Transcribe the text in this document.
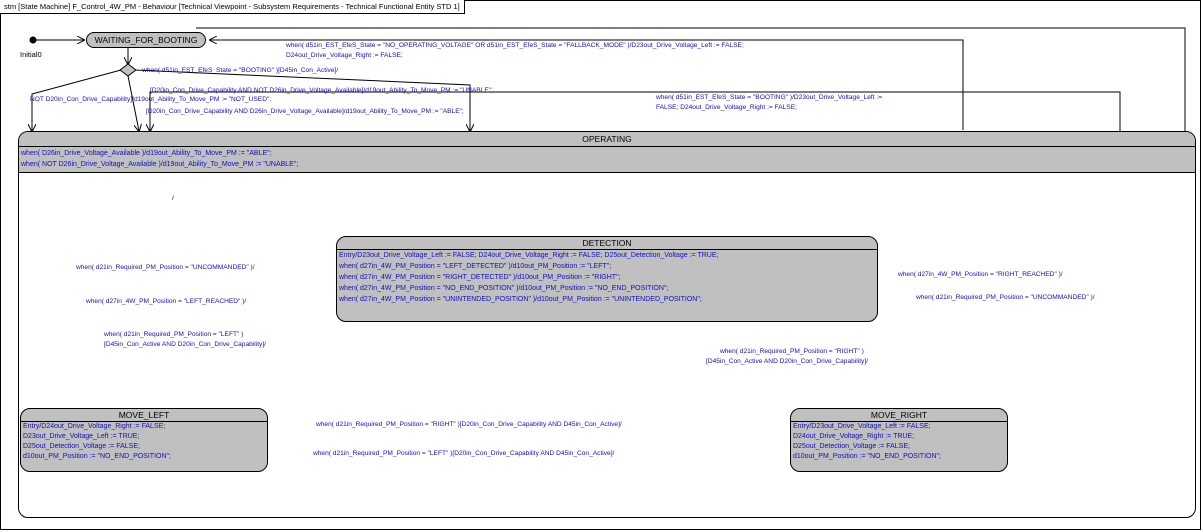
stm [State Machine] F_Control_4W_PM - Behaviour [Technical Viewpoint - Subsystem Requirements - Technical Functional Entity STD 1]
Initial0
WAITING_FOR_BOOTING
OPERATING
when( D26in_Drive_Voltage_Available )/d19out_Ability_To_Move_PM := "ABLE";
when( NOT D26in_Drive_Voltage_Available )/d19out_Ability_To_Move_PM := "UNABLE";
DETECTION
Entry/D23out_Drive_Voltage_Left := FALSE; D24out_Drive_Voltage_Right := FALSE; D25out_Detection_Voltage := TRUE;
when( d27in_4W_PM_Position = "LEFT_DETECTED" )/d10out_PM_Position := "LEFT";
when( d27in_4W_PM_Position = "RIGHT_DETECTED" )/d10out_PM_Position := "RIGHT";
when( d27in_4W_PM_Position = "NO_END_POSITION" )/d10out_PM_Position := "NO_END_POSITION";
when( d27in_4W_PM_Position = "UNINTENDED_POSITION" )/d10out_PM_Position := "UNINTENDED_POSITION";
MOVE_LEFT
Entry/D24out_Drive_Voltage_Right := FALSE;
D23out_Drive_Voltage_Left := TRUE;
D25out_Detection_Voltage := FALSE;
d10out_PM_Position := "NO_END_POSITION";
MOVE_RIGHT
Entry/D23out_Drive_Voltage_Left := FALSE;
D24out_Drive_Voltage_Right := TRUE;
D25out_Detection_Voltage := FALSE;
d10out_PM_Position := "NO_END_POSITION";
when( d51in_EST_EfeS_State = "NO_OPERATING_VOLTAGE" OR d51in_EST_EfeS_State = "FALLBACK_MODE" )/D23out_Drive_Voltage_Left := FALSE;
D24out_Drive_Voltage_Right := FALSE;
when( d51in_EST_EfeS_State = "BOOTING" )[D45in_Con_Active]/
[D20in_Con_Drive_Capability AND NOT D26in_Drive_Voltage_Available]/d19out_Ability_To_Move_PM := "UNABLE";
NOT D20in_Con_Drive_Capability]/d19out_Ability_To_Move_PM := "NOT_USED";
[D20in_Con_Drive_Capability AND D26in_Drive_Voltage_Available]/d19out_Ability_To_Move_PM := "ABLE";
when( d51in_EST_EfeS_State = "BOOTING" )/D23out_Drive_Voltage_Left :=
FALSE; D24out_Drive_Voltage_Right := FALSE;
/
when( d21in_Required_PM_Position = "UNCOMMANDED" )/
when( d27in_4W_PM_Position = "LEFT_REACHED" )/
when( d21in_Required_PM_Position = "LEFT" )
[D45in_Con_Active AND D20in_Con_Drive_Capability]/
when( d27in_4W_PM_Position = "RIGHT_REACHED" )/
when( d21in_Required_PM_Position = "UNCOMMANDED" )/
when( d21in_Required_PM_Position = "RIGHT" )
[D45in_Con_Active AND D20in_Con_Drive_Capability]/
when( d21in_Required_PM_Position = "RIGHT" )[D20in_Con_Drive_Capability AND D45in_Con_Active]/
when( d21in_Required_PM_Position = "LEFT" )[D20in_Con_Drive_Capability AND D45in_Con_Active]/
